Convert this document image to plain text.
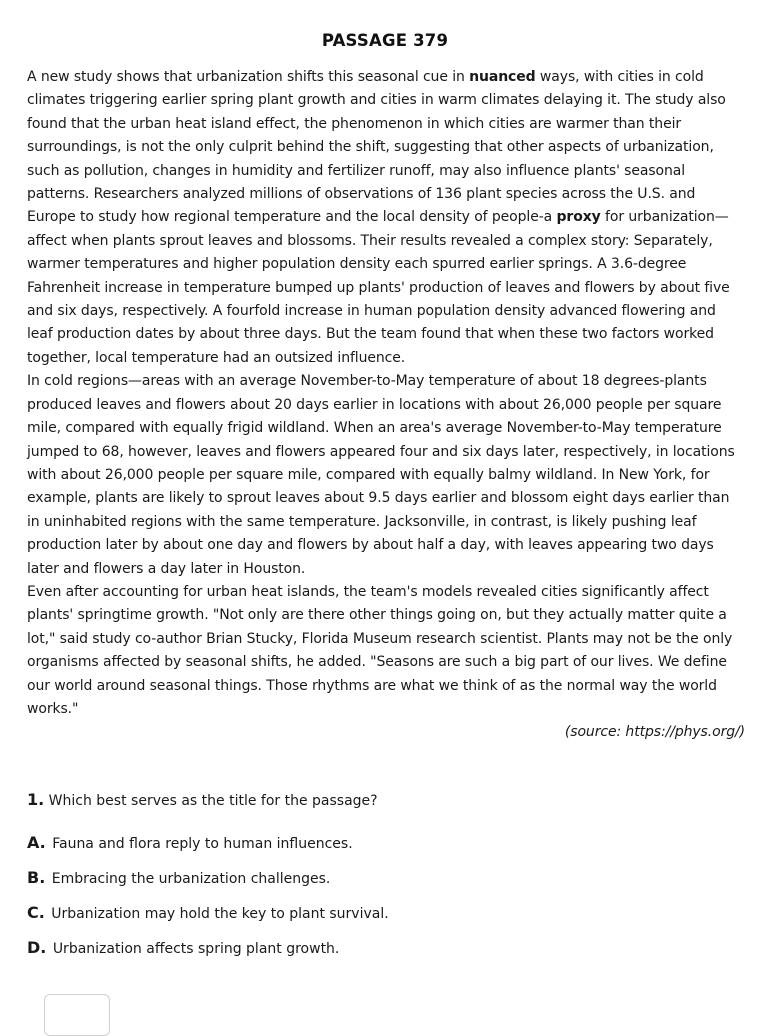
PASSAGE 379

A new study shows that urbanization shifts this seasonal cue in nuanced ways, with cities in cold climates triggering earlier spring plant growth and cities in warm climates delaying it. The study also found that the urban heat island effect, the phenomenon in which cities are warmer than their surroundings, is not the only culprit behind the shift, suggesting that other aspects of urbanization, such as pollution, changes in humidity and fertilizer runoff, may also influence plants' seasonal patterns. Researchers analyzed millions of observations of 136 plant species across the U.S. and Europe to study how regional temperature and the local density of people-a proxy for urbanization—affect when plants sprout leaves and blossoms. Their results revealed a complex story: Separately, warmer temperatures and higher population density each spurred earlier springs. A 3.6-degree Fahrenheit increase in temperature bumped up plants' production of leaves and flowers by about five and six days, respectively. A fourfold increase in human population density advanced flowering and leaf production dates by about three days. But the team found that when these two factors worked together, local temperature had an outsized influence.

In cold regions—areas with an average November-to-May temperature of about 18 degrees-plants produced leaves and flowers about 20 days earlier in locations with about 26,000 people per square mile, compared with equally frigid wildland. When an area's average November-to-May temperature jumped to 68, however, leaves and flowers appeared four and six days later, respectively, in locations with about 26,000 people per square mile, compared with equally balmy wildland. In New York, for example, plants are likely to sprout leaves about 9.5 days earlier and blossom eight days earlier than in uninhabited regions with the same temperature. Jacksonville, in contrast, is likely pushing leaf production later by about one day and flowers by about half a day, with leaves appearing two days later and flowers a day later in Houston.

Even after accounting for urban heat islands, the team's models revealed cities significantly affect plants' springtime growth. "Not only are there other things going on, but they actually matter quite a lot," said study co-author Brian Stucky, Florida Museum research scientist. Plants may not be the only organisms affected by seasonal shifts, he added. "Seasons are such a big part of our lives. We define our world around seasonal things. Those rhythms are what we think of as the normal way the world works."

(source: https://phys.org/)
1. Which best serves as the title for the passage?
A. Fauna and flora reply to human influences.
B. Embracing the urbanization challenges.
C. Urbanization may hold the key to plant survival.
D. Urbanization affects spring plant growth.
